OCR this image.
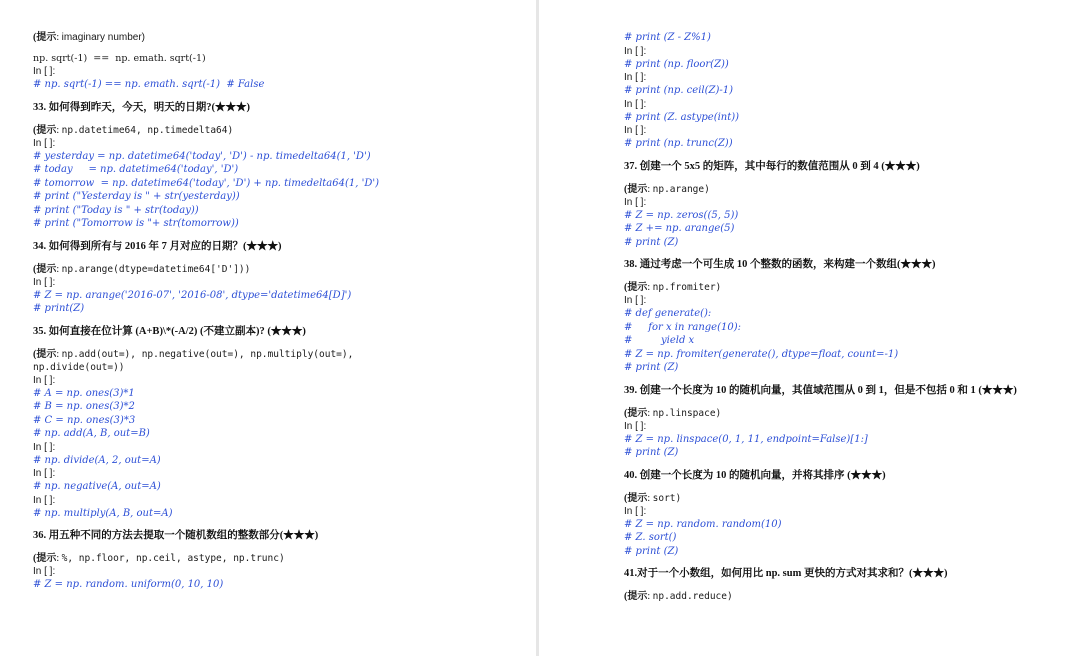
(提示: imaginary number)
np. sqrt(-1)  ==  np. emath. sqrt(-1)
In [ ]:
# np. sqrt(-1) == np. emath. sqrt(-1)  # False
33. 如何得到昨天，今天，明天的日期?(★★★)
(提示: np.datetime64, np.timedelta64)
In [ ]:
# yesterday = np. datetime64('today', 'D') - np. timedelta64(1, 'D')
# today     = np. datetime64('today', 'D')
# tomorrow  = np. datetime64('today', 'D') + np. timedelta64(1, 'D')
# print ("Yesterday is " + str(yesterday))
# print ("Today is " + str(today))
# print ("Tomorrow is "+ str(tomorrow))
34. 如何得到所有与 2016 年 7 月对应的日期？(★★★)
(提示: np.arange(dtype=datetime64['D']))
In [ ]:
# Z = np. arange('2016-07', '2016-08', dtype='datetime64[D]')
# print(Z)
35. 如何直接在位计算 (A+B)\*(-A/2) (不建立副本)? (★★★)
(提示: np.add(out=), np.negative(out=), np.multiply(out=),
np.divide(out=))
In [ ]:
# A = np. ones(3)*1
# B = np. ones(3)*2
# C = np. ones(3)*3
# np. add(A, B, out=B)
In [ ]:
# np. divide(A, 2, out=A)
In [ ]:
# np. negative(A, out=A)
In [ ]:
# np. multiply(A, B, out=A)
36. 用五种不同的方法去提取一个随机数组的整数部分(★★★)
(提示: %, np.floor, np.ceil, astype, np.trunc)
In [ ]:
# Z = np. random. uniform(0, 10, 10)
# print (Z - Z%1)
In [ ]:
# print (np. floor(Z))
In [ ]:
# print (np. ceil(Z)-1)
In [ ]:
# print (Z. astype(int))
In [ ]:
# print (np. trunc(Z))
37. 创建一个 5x5 的矩阵，其中每行的数值范围从 0 到 4 (★★★)
(提示: np.arange)
In [ ]:
# Z = np. zeros((5, 5))
# Z += np. arange(5)
# print (Z)
38. 通过考虑一个可生成 10 个整数的函数，来构建一个数组(★★★)
(提示: np.fromiter)
In [ ]:
# def generate():
#     for x in range(10):
#         yield x
# Z = np. fromiter(generate(), dtype=float, count=-1)
# print (Z)
39. 创建一个长度为 10 的随机向量，其值域范围从 0 到 1，但是不包括 0 和 1 (★★★)
(提示: np.linspace)
In [ ]:
# Z = np. linspace(0, 1, 11, endpoint=False)[1:]
# print (Z)
40. 创建一个长度为 10 的随机向量，并将其排序 (★★★)
(提示: sort)
In [ ]:
# Z = np. random. random(10)
# Z. sort()
# print (Z)
41.对于一个小数组，如何用比 np. sum 更快的方式对其求和？(★★★)
(提示: np.add.reduce)
